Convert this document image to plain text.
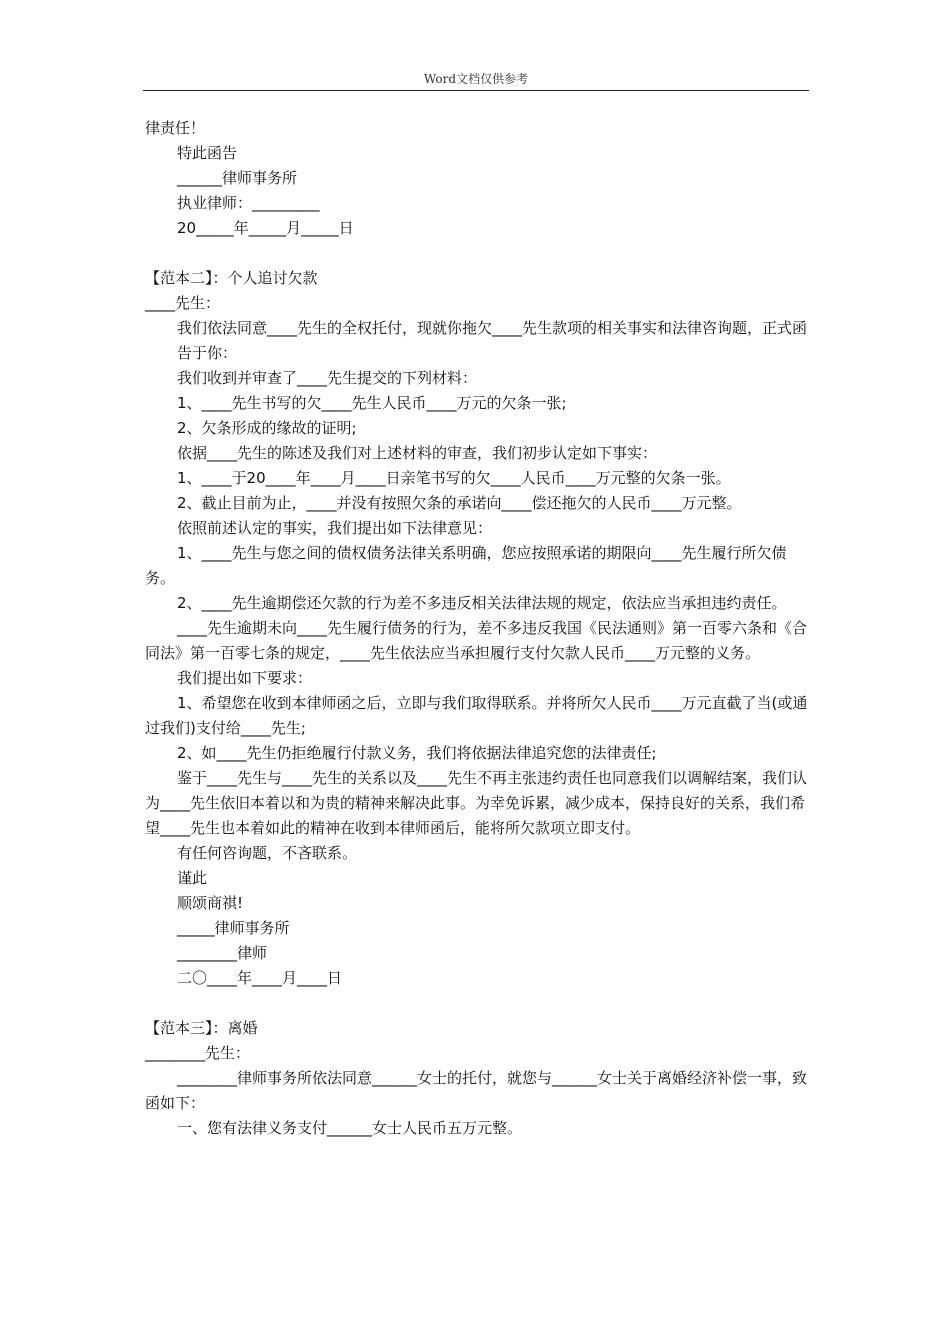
Word文档仅供参考

律责任！

特此函告

______律师事务所

执业律师：_________

20_____年_____月_____日

【范本二】：个人追讨欠款

____先生：

我们依法同意____先生的全权托付，现就你拖欠____先生款项的相关事实和法律咨询题，正式函告于你：

我们收到并审查了____先生提交的下列材料：

1、____先生书写的欠____先生人民币____万元的欠条一张;

2、欠条形成的缘故的证明;

依据____先生的陈述及我们对上述材料的审查，我们初步认定如下事实：

1、____于20____年____月____日亲笔书写的欠____人民币____万元整的欠条一张。

2、截止目前为止，____并没有按照欠条的承诺向____偿还拖欠的人民币____万元整。

依照前述认定的事实，我们提出如下法律意见：

1、____先生与您之间的债权债务法律关系明确，您应按照承诺的期限向____先生履行所欠债务。

2、____先生逾期偿还欠款的行为差不多违反相关法律法规的规定，依法应当承担违约责任。

____先生逾期未向____先生履行债务的行为，差不多违反我国《民法通则》第一百零六条和《合同法》第一百零七条的规定，____先生依法应当承担履行支付欠款人民币____万元整的义务。

我们提出如下要求：

1、希望您在收到本律师函之后，立即与我们取得联系。并将所欠人民币____万元直截了当(或通过我们)支付给____先生;

2、如____先生仍拒绝履行付款义务，我们将依据法律追究您的法律责任;

鉴于____先生与____先生的关系以及____先生不再主张违约责任也同意我们以调解结案，我们认为____先生依旧本着以和为贵的精神来解决此事。为幸免诉累，减少成本，保持良好的关系，我们希望____先生也本着如此的精神在收到本律师函后，能将所欠款项立即支付。

有任何咨询题，不吝联系。

谨此

顺颂商祺!

_____律师事务所

________律师

二〇____年____月____日

【范本三】：离婚

________先生：

________律师事务所依法同意______女士的托付，就您与______女士关于离婚经济补偿一事，致函如下：

一、您有法律义务支付______女士人民币五万元整。
